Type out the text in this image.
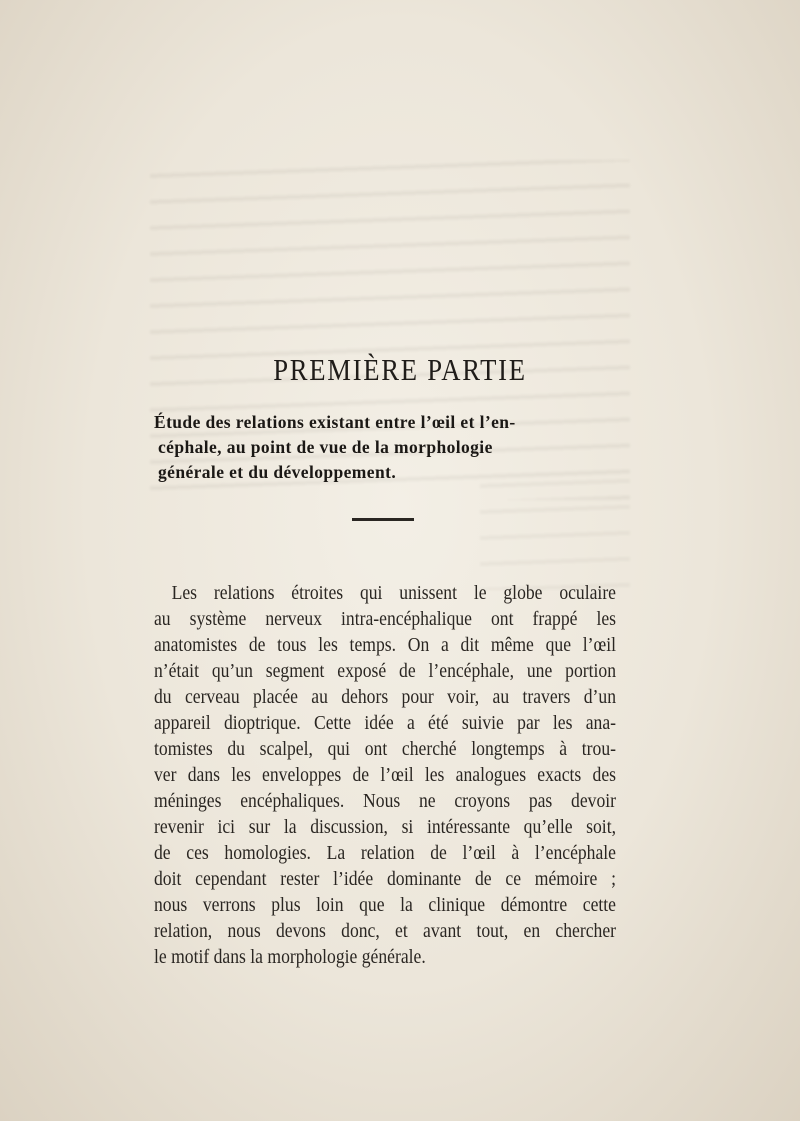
PREMIÈRE PARTIE
Étude des relations existant entre l’œil et l’en-
céphale, au point de vue de la morphologie
générale et du développement.
Les relations étroites qui unissent le globe oculaire
au système nerveux intra-encéphalique ont frappé les
anatomistes de tous les temps. On a dit même que l’œil
n’était qu’un segment exposé de l’encéphale, une portion
du cerveau placée au dehors pour voir, au travers d’un
appareil dioptrique. Cette idée a été suivie par les ana-
tomistes du scalpel, qui ont cherché longtemps à trou-
ver dans les enveloppes de l’œil les analogues exacts des
méninges encéphaliques. Nous ne croyons pas devoir
revenir ici sur la discussion, si intéressante qu’elle soit,
de ces homologies. La relation de l’œil à l’encéphale
doit cependant rester l’idée dominante de ce mémoire ;
nous verrons plus loin que la clinique démontre cette
relation, nous devons donc, et avant tout, en chercher
le motif dans la morphologie générale.
